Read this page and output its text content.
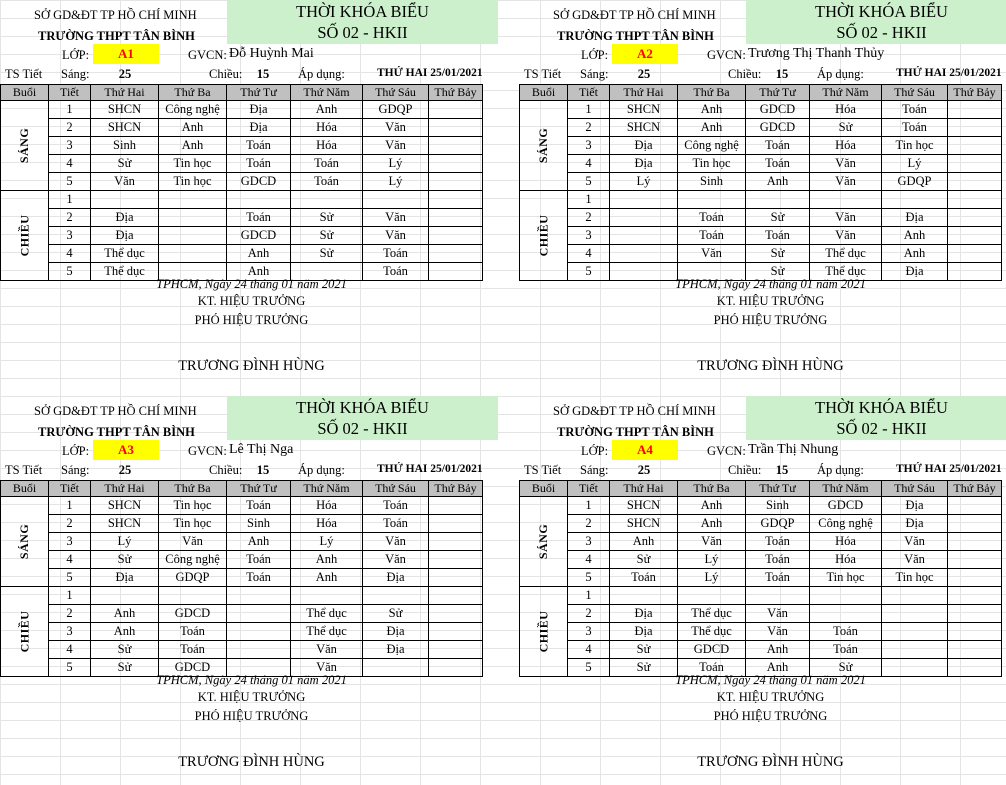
SỞ GD&ĐT TP HỒ CHÍ MINH
TRƯỜNG THPT TÂN BÌNH
THỜI KHÓA BIỂU
SỐ 02 - HKII
LỚP:	GVCN: Đỗ Huỳnh Mai
TS Tiết Sáng:	25	Chiều:	15	Áp dụng:	THỨ HAI 25/01/2021
TPHCM, Ngày 24 tháng 01 năm 2021
KT. HIỆU TRƯỞNG
PHÓ HIỆU TRƯỞNG
TRƯƠNG ĐÌNH HÙNG
A1
Buổi	Tiết	Thứ Hai	Thứ Ba	Thứ Tư	Thứ Năm	Thứ Sáu	Thứ Bảy
SÁNG	1	SHCN	Công nghệ	Địa	Anh	GDQP	
	2	SHCN	Anh	Địa	Hóa	Văn	
	3	Sinh	Anh	Toán	Hóa	Văn	
	4	Sử	Tin học	Toán	Toán	Lý	
	5	Văn	Tin học	GDCD	Toán	Lý	
CHIỀU	1						
	2	Địa		Toán	Sử	Văn	
	3	Địa		GDCD	Sử	Văn	
	4	Thể dục		Anh	Sử	Toán	
	5	Thể dục		Anh		Toán	
SỞ GD&ĐT TP HỒ CHÍ MINH
TRƯỜNG THPT TÂN BÌNH
THỜI KHÓA BIỂU
SỐ 02 - HKII
LỚP:	GVCN: Trương Thị Thanh Thủy
TS Tiết Sáng:	25	Chiều:	15	Áp dụng:	THỨ HAI 25/01/2021
TPHCM, Ngày 24 tháng 01 năm 2021
KT. HIỆU TRƯỞNG
PHÓ HIỆU TRƯỞNG
TRƯƠNG ĐÌNH HÙNG
A2
Buổi	Tiết	Thứ Hai	Thứ Ba	Thứ Tư	Thứ Năm	Thứ Sáu	Thứ Bảy
SÁNG	1	SHCN	Anh	GDCD	Hóa	Toán	
	2	SHCN	Anh	GDCD	Sử	Toán	
	3	Địa	Công nghệ	Toán	Hóa	Tin học	
	4	Địa	Tin học	Toán	Văn	Lý	
	5	Lý	Sinh	Anh	Văn	GDQP	
CHIỀU	1						
	2		Toán	Sử	Văn	Địa	
	3		Toán	Toán	Văn	Anh	
	4		Văn	Sử	Thể dục	Anh	
	5			Sử	Thể dục	Địa	
SỞ GD&ĐT TP HỒ CHÍ MINH
TRƯỜNG THPT TÂN BÌNH
THỜI KHÓA BIỂU
SỐ 02 - HKII
LỚP:	GVCN: Lê Thị Nga
TS Tiết Sáng:	25	Chiều:	15	Áp dụng:	THỨ HAI 25/01/2021
TPHCM, Ngày 24 tháng 01 năm 2021
KT. HIỆU TRƯỞNG
PHÓ HIỆU TRƯỞNG
TRƯƠNG ĐÌNH HÙNG
A3
Buổi	Tiết	Thứ Hai	Thứ Ba	Thứ Tư	Thứ Năm	Thứ Sáu	Thứ Bảy
SÁNG	1	SHCN	Tin học	Toán	Hóa	Toán	
	2	SHCN	Tin học	Sinh	Hóa	Toán	
	3	Lý	Văn	Anh	Lý	Văn	
	4	Sử	Công nghệ	Toán	Anh	Văn	
	5	Địa	GDQP	Toán	Anh	Địa	
CHIỀU	1						
	2	Anh	GDCD		Thể dục	Sử	
	3	Anh	Toán		Thể dục	Địa	
	4	Sử	Toán		Văn	Địa	
	5	Sử	GDCD		Văn		
SỞ GD&ĐT TP HỒ CHÍ MINH
TRƯỜNG THPT TÂN BÌNH
THỜI KHÓA BIỂU
SỐ 02 - HKII
LỚP:	GVCN: Trần Thị Nhung
TS Tiết Sáng:	25	Chiều:	15	Áp dụng:	THỨ HAI 25/01/2021
TPHCM, Ngày 24 tháng 01 năm 2021
KT. HIỆU TRƯỞNG
PHÓ HIỆU TRƯỞNG
TRƯƠNG ĐÌNH HÙNG
A4
Buổi	Tiết	Thứ Hai	Thứ Ba	Thứ Tư	Thứ Năm	Thứ Sáu	Thứ Bảy
SÁNG	1	SHCN	Anh	Sinh	GDCD	Địa	
	2	SHCN	Anh	GDQP	Công nghệ	Địa	
	3	Anh	Văn	Toán	Hóa	Văn	
	4	Sử	Lý	Toán	Hóa	Văn	
	5	Toán	Lý	Toán	Tin học	Tin học	
CHIỀU	1						
	2	Địa	Thể dục	Văn			
	3	Địa	Thể dục	Văn	Toán		
	4	Sử	GDCD	Anh	Toán		
	5	Sử	Toán	Anh	Sử		
